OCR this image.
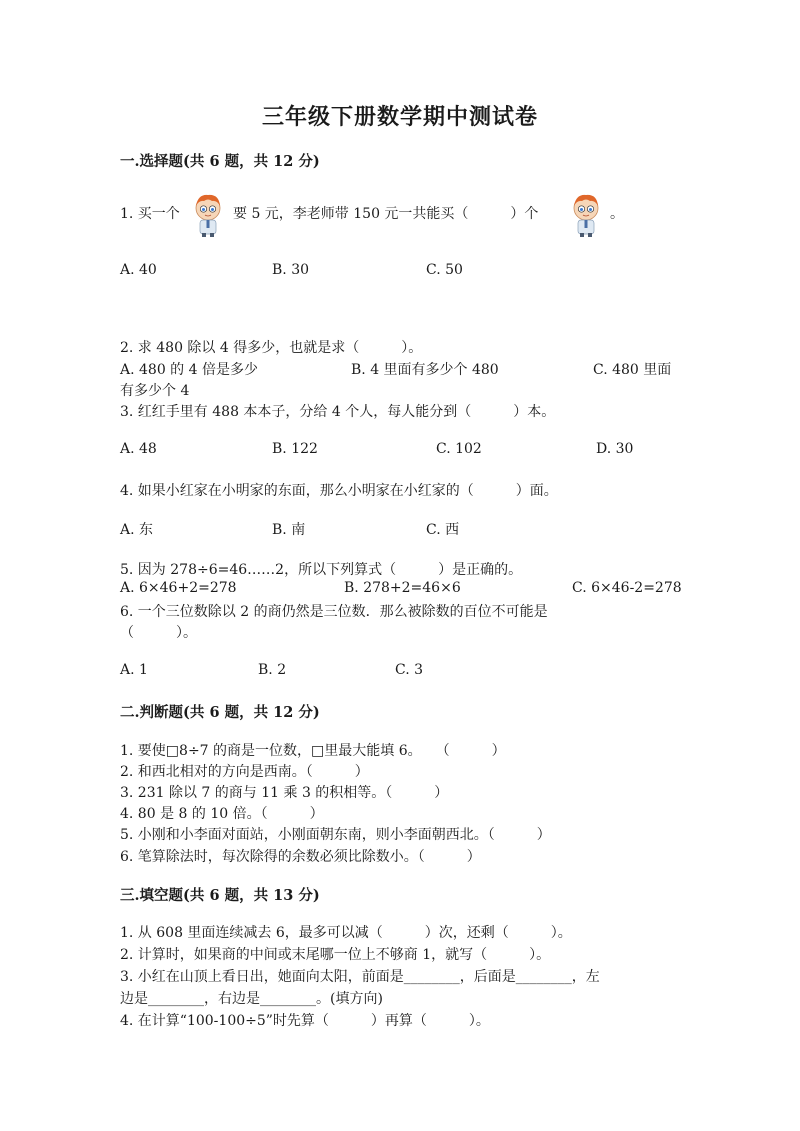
三年级下册数学期中测试卷
一.选择题(共 6 题，共 12 分)
1. 买一个	要 5 元，李老师带 150 元一共能买（　　　）个	。
A. 40	B. 30	C. 50
2. 求 480 除以 4 得多少，也就是求（　　　）。
A. 480 的 4 倍是多少	B. 4 里面有多少个 480	C. 480 里面
有多少个 4
3. 红红手里有 488 本本子，分给 4 个人，每人能分到（　　　）本。
A. 48	B. 122	C. 102	D. 30
4. 如果小红家在小明家的东面，那么小明家在小红家的（　　　）面。
A. 东	B. 南	C. 西
5. 因为 278÷6=46……2，所以下列算式（　　　）是正确的。
A. 6×46+2=278	B. 278+2=46×6	C. 6×46-2=278
6. 一个三位数除以 2 的商仍然是三位数．那么被除数的百位不可能是
（　　　）。
A. 1	B. 2	C. 3
二.判断题(共 6 题，共 12 分)
1. 要使□8÷7 的商是一位数，□里最大能填 6。　　（　　　）
2. 和西北相对的方向是西南。（　　　）
3. 231 除以 7 的商与 11 乘 3 的积相等。（　　　）
4. 80 是 8 的 10 倍。（　　　）
5. 小刚和小李面对面站，小刚面朝东南，则小李面朝西北。（　　　）
6. 笔算除法时，每次除得的余数必须比除数小。（　　　）
三.填空题(共 6 题，共 13 分)
1. 从 608 里面连续减去 6，最多可以减（　　　）次，还剩（　　　）。
2. 计算时，如果商的中间或末尾哪一位上不够商 1，就写（　　　）。
3. 小红在山顶上看日出，她面向太阳，前面是________，后面是________，左
边是________，右边是________。(填方向)
4. 在计算“100-100÷5”时先算（　　　）再算（　　　）。
